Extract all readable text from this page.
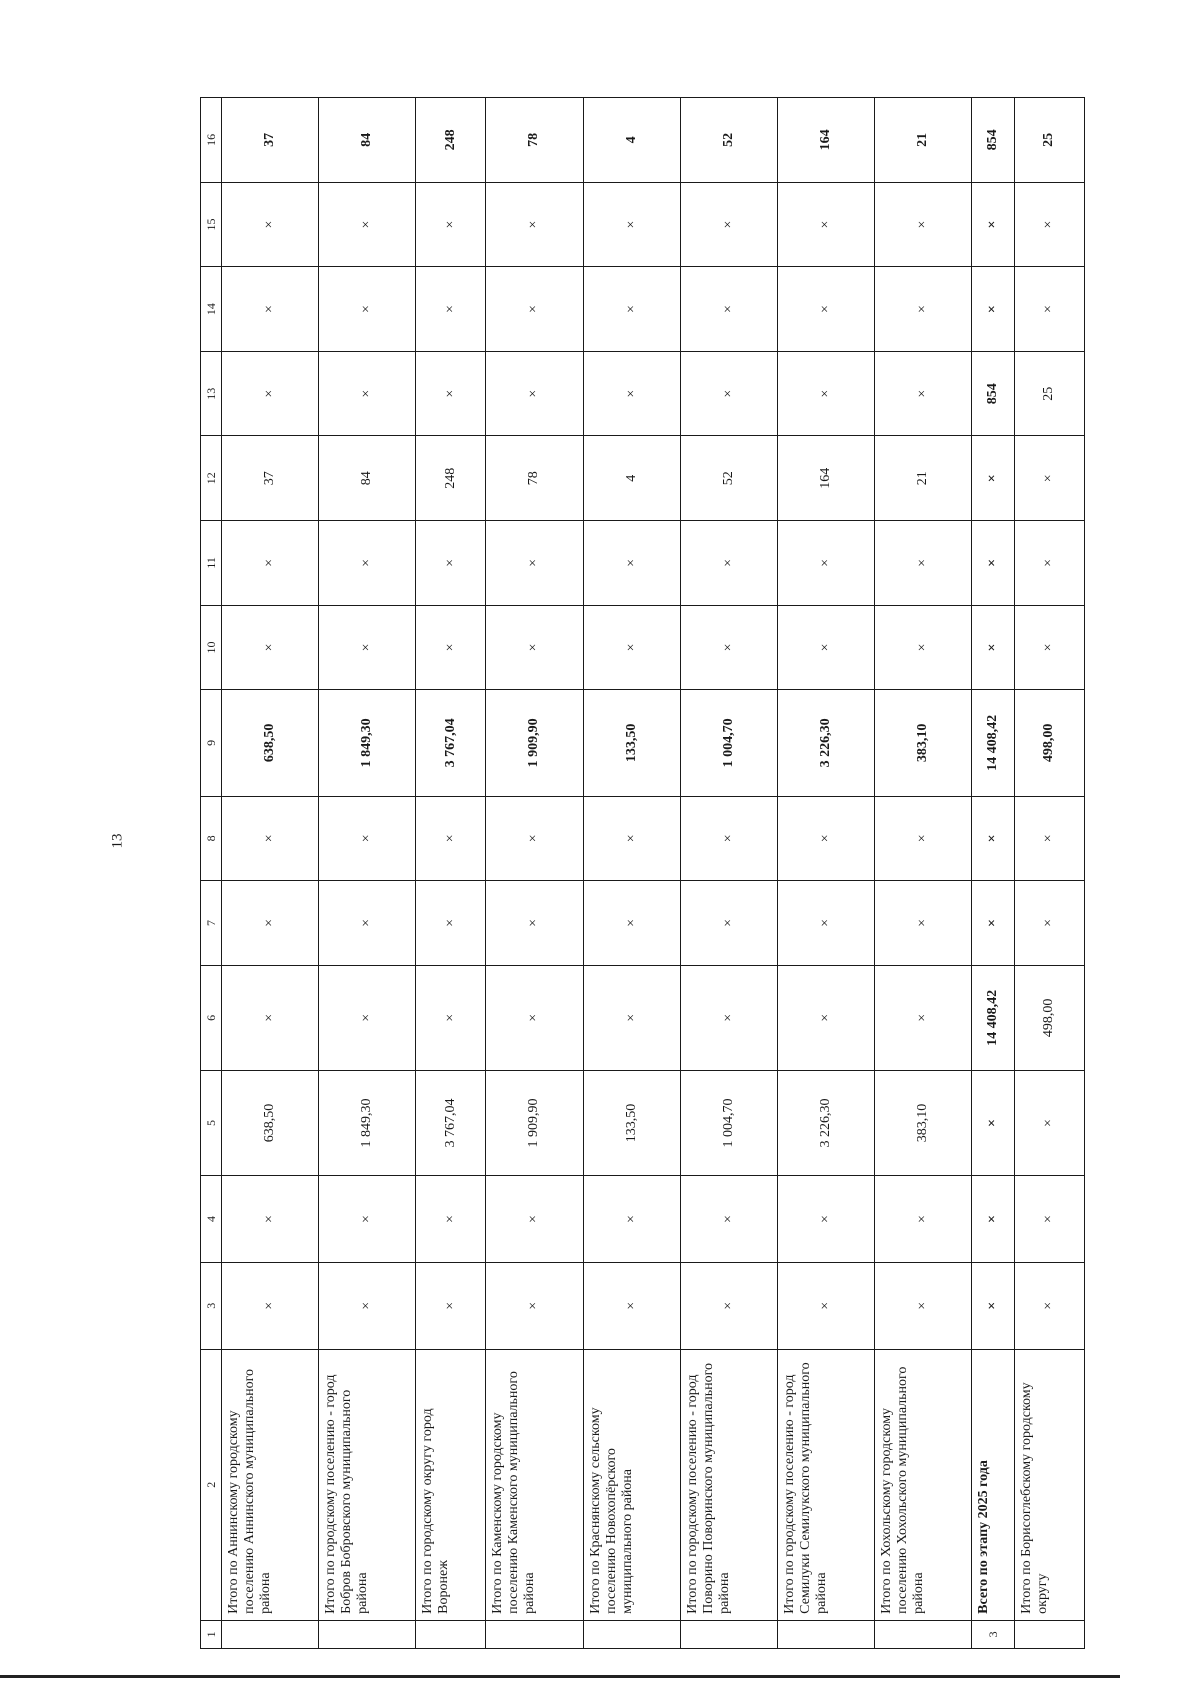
13
1	2	3	4	5	6	7	8	9	10	11	12	13	14	15	16
	Итого по Аннинскому городскому поселению Аннинского муниципального района	×	×	638,50	×	×	×	638,50	×	×	37	×	×	×	37
	Итого по городскому поселению - город Бобров Бобровского муниципального района	×	×	1 849,30	×	×	×	1 849,30	×	×	84	×	×	×	84
	Итого по городскому округу город Воронеж	×	×	3 767,04	×	×	×	3 767,04	×	×	248	×	×	×	248
	Итого по Каменскому городскому поселению Каменского муниципального района	×	×	1 909,90	×	×	×	1 909,90	×	×	78	×	×	×	78
	Итого по Краснянскому сельскому поселению Новохопёрского муниципального района	×	×	133,50	×	×	×	133,50	×	×	4	×	×	×	4
	Итого по городскому поселению - город Поворино Поворинского муниципального района	×	×	1 004,70	×	×	×	1 004,70	×	×	52	×	×	×	52
	Итого по городскому поселению - город Семилуки Семилукского муниципального района	×	×	3 226,30	×	×	×	3 226,30	×	×	164	×	×	×	164
	Итого по Хохольскому городскому поселению Хохольского муниципального района	×	×	383,10	×	×	×	383,10	×	×	21	×	×	×	21
3	Всего по этапу 2025 года	×	×	×	14 408,42	×	×	14 408,42	×	×	×	854	×	×	854
	Итого по Борисоглебскому городскому округу	×	×	×	498,00	×	×	498,00	×	×	×	25	×	×	25
